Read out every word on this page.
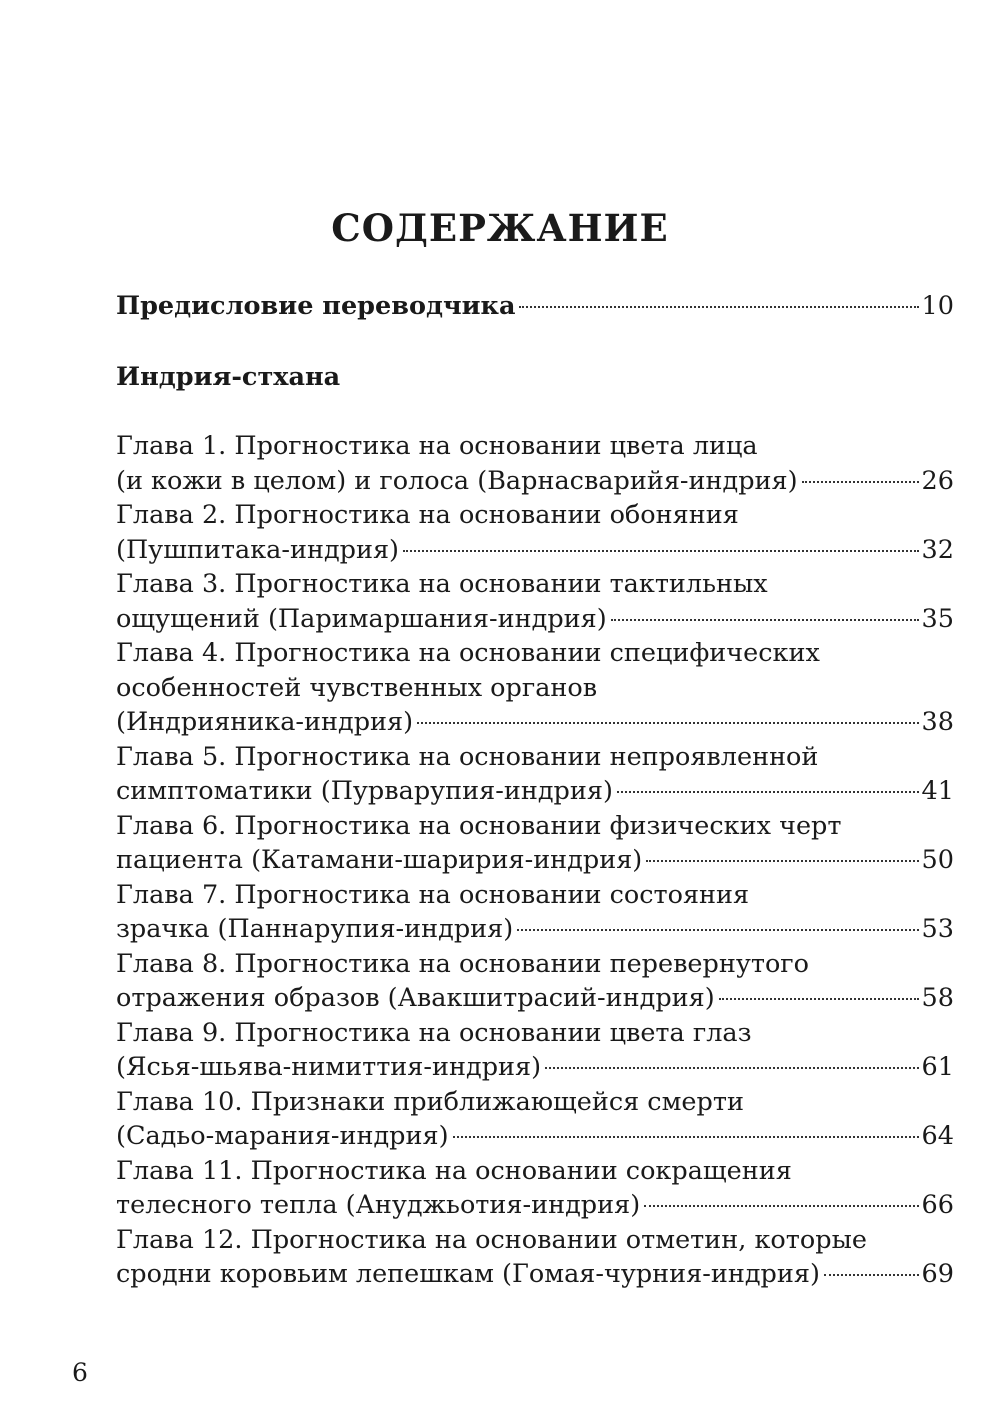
СОДЕРЖАНИЕ
Предисловие переводчика	10
Индрия-стхана
Глава 1. Прогностика на основании цвета лица
(и кожи в целом) и голоса (Варнасварийя-индрия)	26
Глава 2. Прогностика на основании обоняния
(Пушпитака-индрия)	32
Глава 3. Прогностика на основании тактильных
ощущений (Паримаршания-индрия)	35
Глава 4. Прогностика на основании специфических
особенностей чувственных органов
(Индрияника-индрия)	38
Глава 5. Прогностика на основании непроявленной
симптоматики (Пурварупия-индрия)	41
Глава 6. Прогностика на основании физических черт
пациента (Катамани-шаририя-индрия)	50
Глава 7. Прогностика на основании состояния
зрачка (Паннарупия-индрия)	53
Глава 8. Прогностика на основании перевернутого
отражения образов (Авакшитрасий-индрия)	58
Глава 9. Прогностика на основании цвета глаз
(Ясья-шьява-нимиттия-индрия)	61
Глава 10. Признаки приближающейся смерти
(Садьо-марания-индрия)	64
Глава 11. Прогностика на основании сокращения
телесного тепла (Ануджьотия-индрия)	66
Глава 12. Прогностика на основании отметин, которые
сродни коровьим лепешкам (Гомая-чурния-индрия)	69
6
